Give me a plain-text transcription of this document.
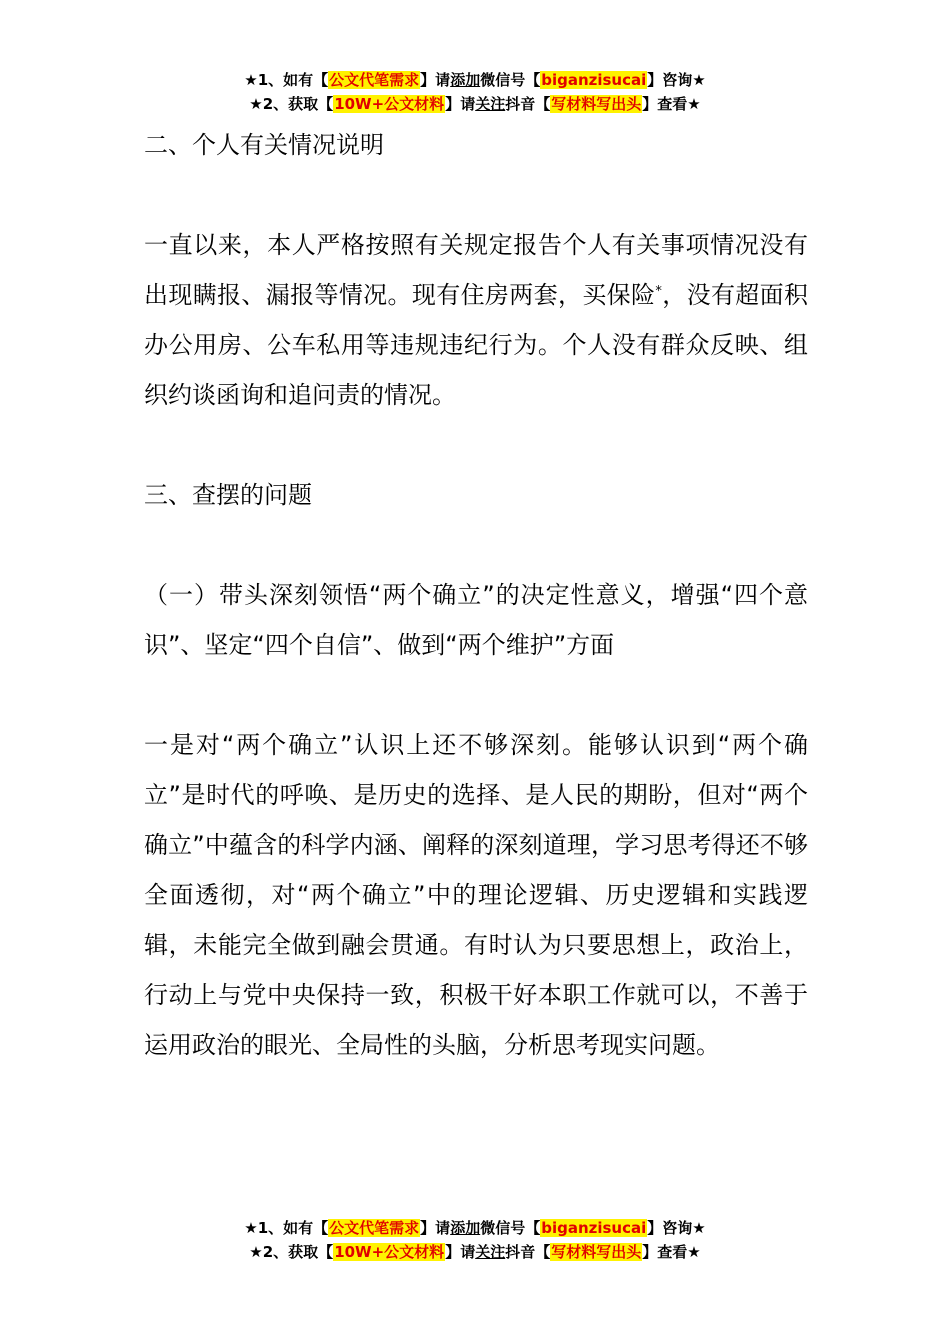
★1、如有【公文代笔需求】请添加微信号【biganzisucai】咨询★
★2、获取【10W+公文材料】请关注抖音【写材料写出头】查看★

二、个人有关情况说明

一直以来，本人严格按照有关规定报告个人有关事项情况没有出现瞒报、漏报等情况。现有住房两套，买保险*，没有超面积办公用房、公车私用等违规违纪行为。个人没有群众反映、组织约谈函询和追问责的情况。

三、查摆的问题

（一）带头深刻领悟“两个确立”的决定性意义，增强“四个意识”、坚定“四个自信”、做到“两个维护”方面

一是对“两个确立”认识上还不够深刻。能够认识到“两个确立”是时代的呼唤、是历史的选择、是人民的期盼，但对“两个确立”中蕴含的科学内涵、阐释的深刻道理，学习思考得还不够全面透彻，对“两个确立”中的理论逻辑、历史逻辑和实践逻辑，未能完全做到融会贯通。有时认为只要思想上，政治上，行动上与党中央保持一致，积极干好本职工作就可以，不善于运用政治的眼光、全局性的头脑，分析思考现实问题。

★1、如有【公文代笔需求】请添加微信号【biganzisucai】咨询★
★2、获取【10W+公文材料】请关注抖音【写材料写出头】查看★
